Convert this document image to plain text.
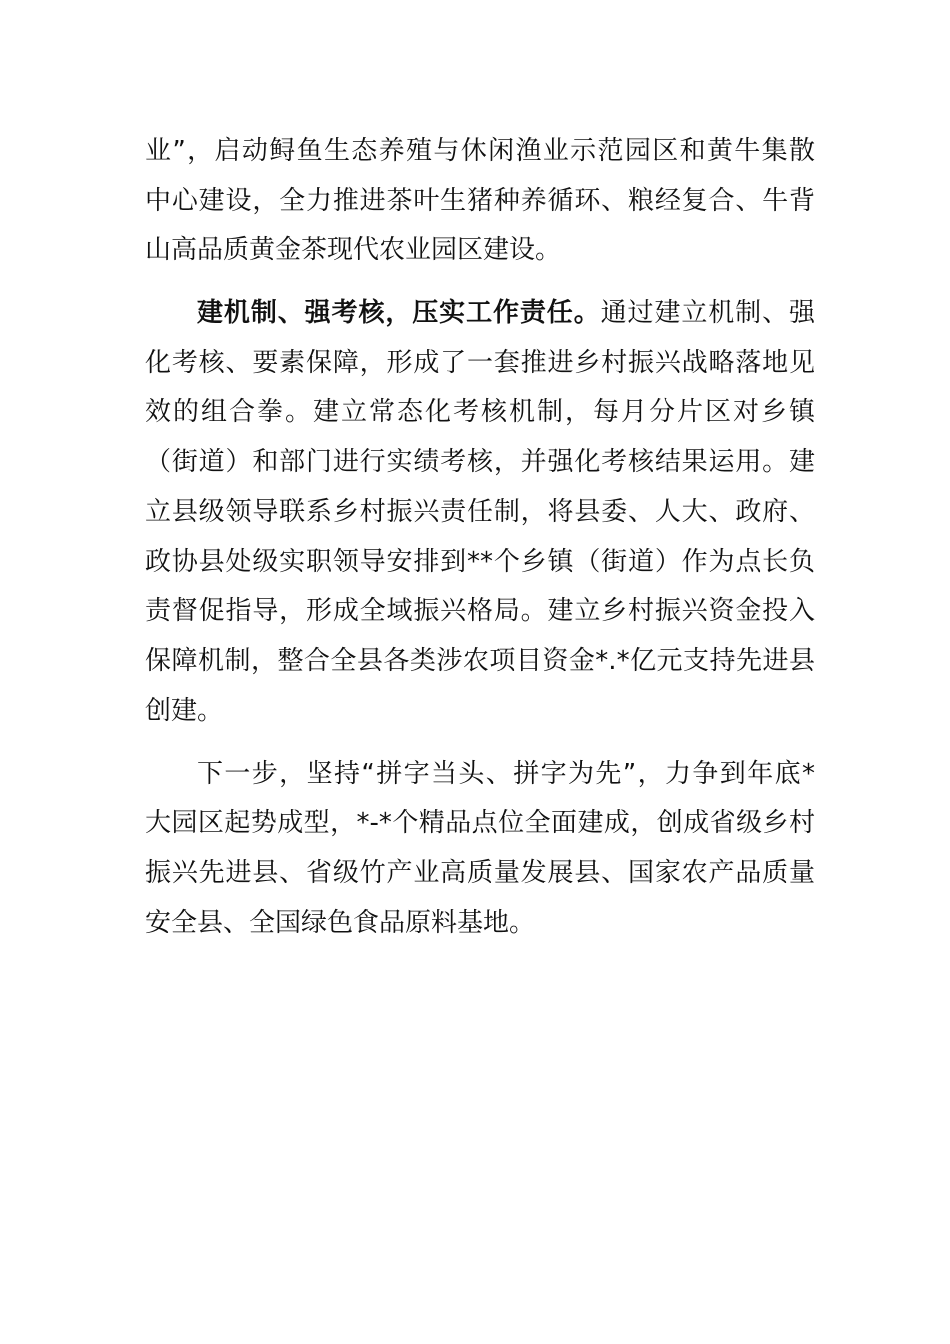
业”，启动鲟鱼生态养殖与休闲渔业示范园区和黄牛集散
中心建设，全力推进茶叶生猪种养循环、粮经复合、牛背
山高品质黄金茶现代农业园区建设。
建机制、强考核，压实工作责任。通过建立机制、强
化考核、要素保障，形成了一套推进乡村振兴战略落地见
效的组合拳。建立常态化考核机制，每月分片区对乡镇
（街道）和部门进行实绩考核，并强化考核结果运用。建
立县级领导联系乡村振兴责任制，将县委、人大、政府、
政协县处级实职领导安排到**个乡镇（街道）作为点长负
责督促指导，形成全域振兴格局。建立乡村振兴资金投入
保障机制，整合全县各类涉农项目资金*.*亿元支持先进县
创建。
下一步，坚持“拼字当头、拼字为先”，力争到年底*
大园区起势成型，*-*个精品点位全面建成，创成省级乡村
振兴先进县、省级竹产业高质量发展县、国家农产品质量
安全县、全国绿色食品原料基地。
